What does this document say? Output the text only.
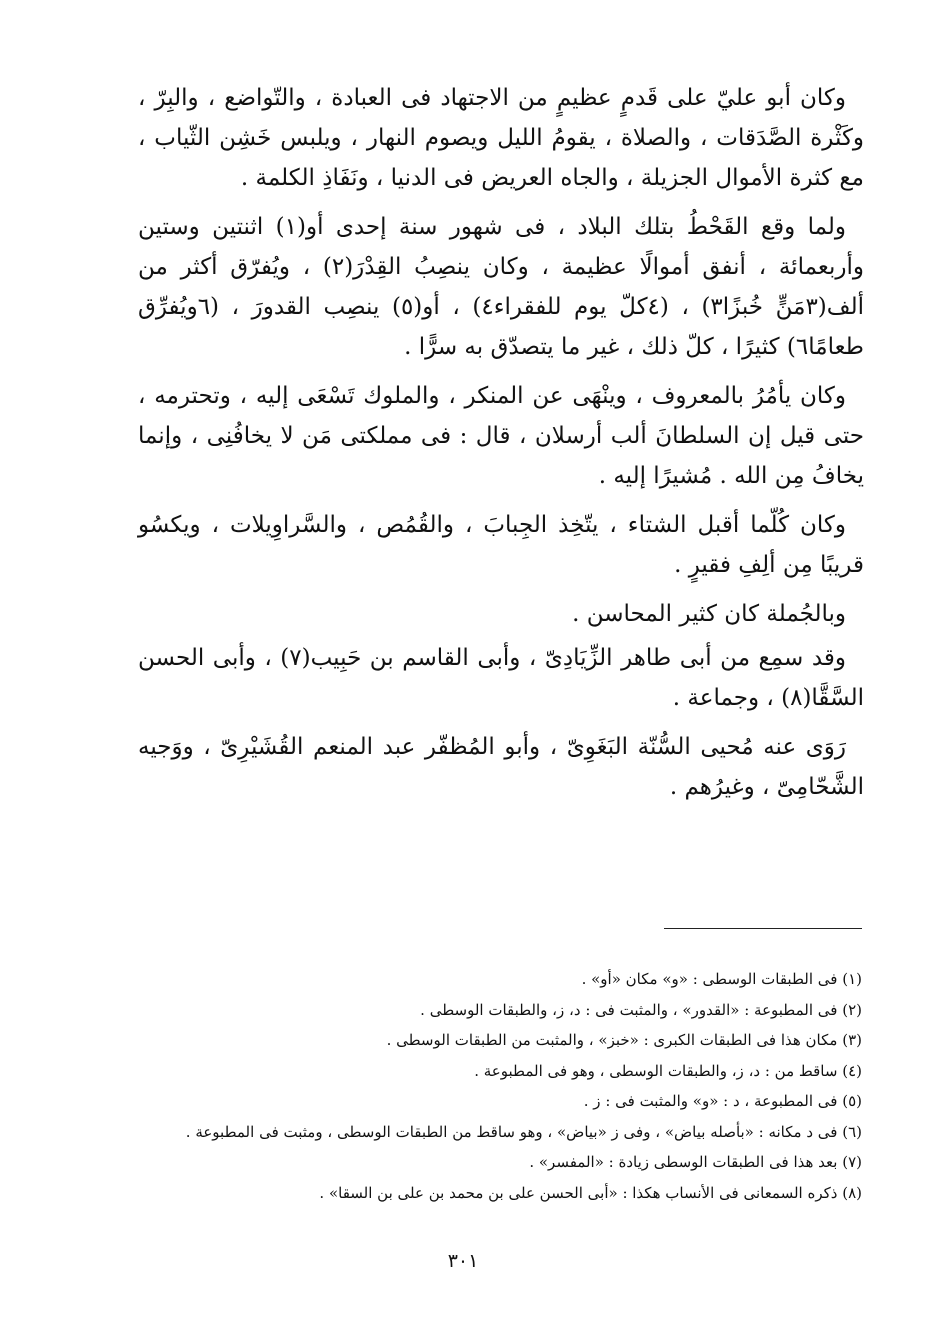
وكان أبو عليّ على قَدمٍ عظيمٍ من الاجتهاد فى العبادة ، والتّواضع ، والبِرّ ، وكَثْرة الصَّدَقات ، والصلاة ، يقومُ الليل ويصوم النهار ، ويلبس خَشِن الثّياب ، مع كثرة الأموال الجزيلة ، والجاه العريض فى الدنيا ، ونَفَاذِ الكلمة .

ولما وقع القَحْطُ بتلك البلاد ، فى شهور سنة إحدى أو(١) اثنتين وستين وأربعمائة ، أنفق أموالًا عظيمة ، وكان ينصِبُ القِدْرَ(٢) ، ويُفرّق أكثر من ألف(٣مَنٍّ خُبزًا٣) ، (٤كلّ يوم للفقراء٤) ، أو(٥) ينصِب القدورَ ، (٦ويُفرِّق طعامًا٦) كثيرًا ، كلّ ذلك ، غير ما يتصدّق به سرًّا .

وكان يأمُرُ بالمعروف ، وينْهَى عن المنكر ، والملوك تَسْعَى إليه ، وتحترمه ، حتى قيل إن السلطانَ ألب أرسلان ، قال : فى مملكتى مَن لا يخافُنِى ، وإنما يخافُ مِن الله . مُشيرًا إليه .

وكان كُلّما أقبل الشتاء ، يتّخِذ الجِبابَ ، والقُمُص ، والسَّراوِيلات ، ويكسُو قريبًا مِن ألِفِ فقيرٍ .

وبالجُملة كان كثير المحاسن .

وقد سمِع من أبى طاهر الزِّيَادِىّ ، وأبى القاسم بن حَبِيب(٧) ، وأبى الحسن السَّقَّا(٨) ، وجماعة .

رَوَى عنه مُحيى السُّنّة البَغَوِىّ ، وأبو المُظفّر عبد المنعم القُشَيْرِىّ ، ووَجيه الشَّحّامِىّ ، وغيرُهم .

(١) فى الطبقات الوسطى : «و» مكان «أو» .
(٢) فى المطبوعة : «القدور» ، والمثبت فى : د، ز، والطبقات الوسطى .
(٣) مكان هذا فى الطبقات الكبرى : «خبز» ، والمثبت من الطبقات الوسطى .
(٤) ساقط من : د، ز، والطبقات الوسطى ، وهو فى المطبوعة .
(٥) فى المطبوعة ، د : «و» والمثبت فى : ز .
(٦) فى د مكانه : «بأصله بياض» ، وفى ز «بياض» ، وهو ساقط من الطبقات الوسطى ، ومثبت فى المطبوعة .
(٧) بعد هذا فى الطبقات الوسطى زيادة : «المفسر» .
(٨) ذكره السمعانى فى الأنساب هكذا : «أبى الحسن على بن محمد بن على بن السقا» .
٣٠١
